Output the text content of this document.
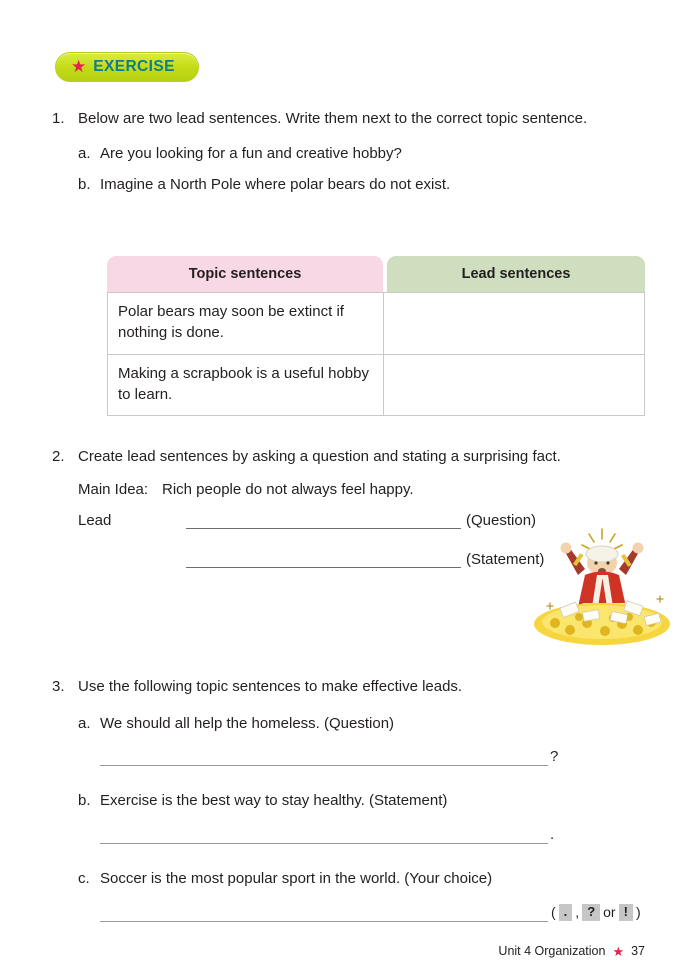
★ EXERCISE
1. Below are two lead sentences. Write them next to the correct topic sentence.
a. Are you looking for a fun and creative hobby?
b. Imagine a North Pole where polar bears do not exist.
Topic sentences	Lead sentences
Polar bears may soon be extinct if nothing is done.
Making a scrapbook is a useful hobby to learn.
2. Create lead sentences by asking a question and stating a surprising fact.
Main Idea: Rich people do not always feel happy.
Lead	(Question)

(Statement)
3. Use the following topic sentences to make effective leads.
a. We should all help the homeless. (Question)
?
b. Exercise is the best way to stay healthy. (Statement)
.
c. Soccer is the most popular sport in the world. (Your choice)
( . , ? or ! )
Unit 4 Organization ★ 37
